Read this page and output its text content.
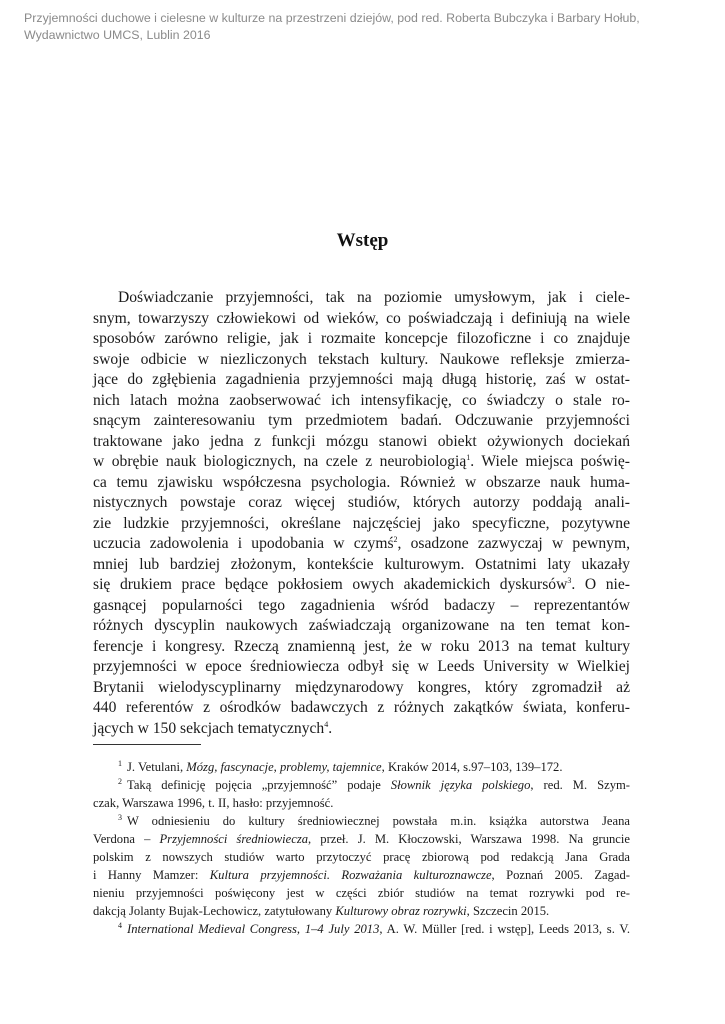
Przyjemności duchowe i cielesne w kulturze na przestrzeni dziejów, pod red. Roberta Bubczyka i Barbary Hołub,
Wydawnictwo UMCS, Lublin 2016
Wstęp
Doświadczanie przyjemności, tak na poziomie umysłowym, jak i ciele-
snym, towarzyszy człowiekowi od wieków, co poświadczają i definiują na wiele
sposobów zarówno religie, jak i rozmaite koncepcje filozoficzne i co znajduje
swoje odbicie w niezliczonych tekstach kultury. Naukowe refleksje zmierza-
jące do zgłębienia zagadnienia przyjemności mają długą historię, zaś w ostat-
nich latach można zaobserwować ich intensyfikację, co świadczy o stale ro-
snącym zainteresowaniu tym przedmiotem badań. Odczuwanie przyjemności
traktowane jako jedna z funkcji mózgu stanowi obiekt ożywionych dociekań
w obrębie nauk biologicznych, na czele z neurobiologią$^1$. Wiele miejsca poświę-
ca temu zjawisku współczesna psychologia. Również w obszarze nauk huma-
nistycznych powstaje coraz więcej studiów, których autorzy poddają anali-
zie ludzkie przyjemności, określane najczęściej jako specyficzne, pozytywne
uczucia zadowolenia i upodobania w czymś$^2$, osadzone zazwyczaj w pewnym,
mniej lub bardziej złożonym, kontekście kulturowym. Ostatnimi laty ukazały
się drukiem prace będące pokłosiem owych akademickich dyskursów$^3$. O nie-
gasnącej popularności tego zagadnienia wśród badaczy – reprezentantów
różnych dyscyplin naukowych zaświadczają organizowane na ten temat kon-
ferencje i kongresy. Rzeczą znamienną jest, że w roku 2013 na temat kultury
przyjemności w epoce średniowiecza odbył się w Leeds University w Wielkiej
Brytanii wielodyscyplinarny międzynarodowy kongres, który zgromadził aż
440 referentów z ośrodków badawczych z różnych zakątków świata, konferu-
jących w 150 sekcjach tematycznych$^4$.
$^1$ J. Vetulani, Mózg, fascynacje, problemy, tajemnice, Kraków 2014, s.97–103, 139–172.
$^2$ Taką definicję pojęcia „przyjemność” podaje Słownik języka polskiego, red. M. Szym-
czak, Warszawa 1996, t. II, hasło: przyjemność.
$^3$ W odniesieniu do kultury średniowiecznej powstała m.in. książka autorstwa Jeana
Verdona – Przyjemności średniowiecza, przeł. J. M. Kłoczowski, Warszawa 1998. Na gruncie
polskim z nowszych studiów warto przytoczyć pracę zbiorową pod redakcją Jana Grada
i Hanny Mamzer: Kultura przyjemności. Rozważania kulturoznawcze, Poznań 2005. Zagad-
nieniu przyjemności poświęcony jest w części zbiór studiów na temat rozrywki pod re-
dakcją Jolanty Bujak-Lechowicz, zatytułowany Kulturowy obraz rozrywki, Szczecin 2015.
$^4$ International Medieval Congress, 1–4 July 2013, A. W. Müller [red. i wstęp], Leeds 2013, s. V.
